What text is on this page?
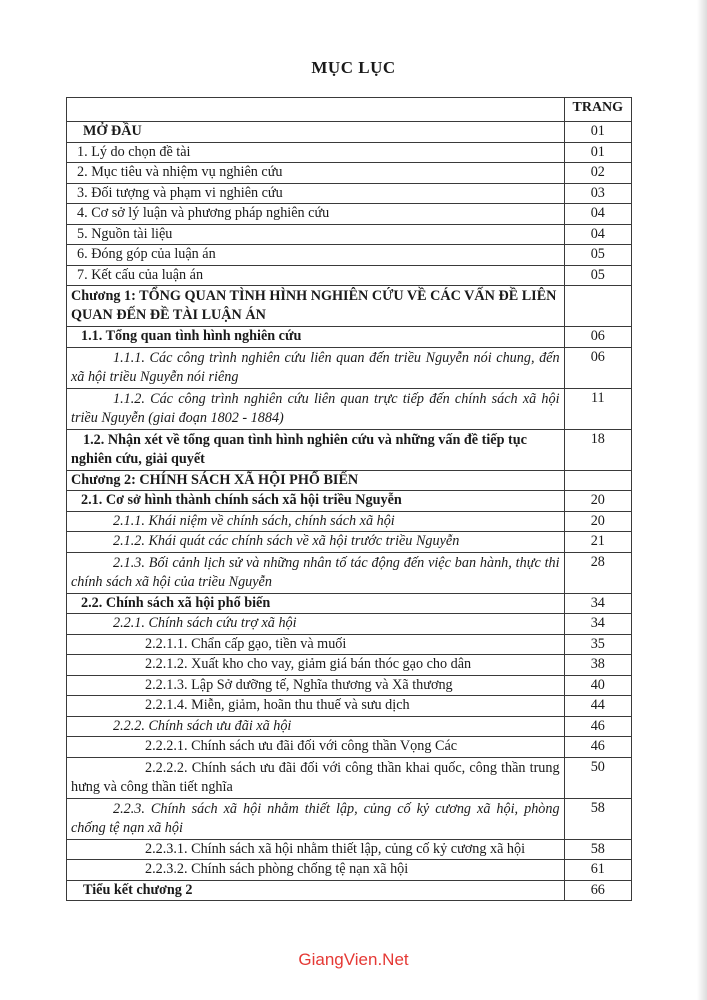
MỤC LỤC
	TRANG
MỞ ĐẦU	01
1. Lý do chọn đề tài	01
2. Mục tiêu và nhiệm vụ nghiên cứu	02
3. Đối tượng và phạm vi nghiên cứu	03
4. Cơ sở lý luận và phương pháp nghiên cứu	04
5. Nguồn tài liệu	04
6. Đóng góp của luận án	05
7. Kết cấu của luận án	05
Chương 1: TỔNG QUAN TÌNH HÌNH NGHIÊN CỨU VỀ CÁC VẤN ĐỀ LIÊN QUAN ĐẾN ĐỀ TÀI LUẬN ÁN	
1.1. Tổng quan tình hình nghiên cứu	06
1.1.1. Các công trình nghiên cứu liên quan đến triều Nguyễn nói chung, đến xã hội triều Nguyễn nói riêng	06
1.1.2. Các công trình nghiên cứu liên quan trực tiếp đến chính sách xã hội triều Nguyễn (giai đoạn 1802 - 1884)	11
1.2. Nhận xét về tổng quan tình hình nghiên cứu và những vấn đề tiếp tục nghiên cứu, giải quyết	18
Chương 2: CHÍNH SÁCH XÃ HỘI PHỔ BIẾN	
2.1. Cơ sở hình thành chính sách xã hội triều Nguyễn	20
2.1.1. Khái niệm về chính sách, chính sách xã hội	20
2.1.2. Khái quát các chính sách về xã hội trước triều Nguyễn	21
2.1.3. Bối cảnh lịch sử và những nhân tố tác động đến việc ban hành, thực thi chính sách xã hội của triều Nguyễn	28
2.2. Chính sách xã hội phổ biến	34
2.2.1. Chính sách cứu trợ xã hội	34
2.2.1.1. Chẩn cấp gạo, tiền và muối	35
2.2.1.2. Xuất kho cho vay, giảm giá bán thóc gạo cho dân	38
2.2.1.3. Lập Sở dưỡng tế, Nghĩa thương và Xã thương	40
2.2.1.4. Miễn, giảm, hoãn thu thuế và sưu dịch	44
2.2.2. Chính sách ưu đãi xã hội	46
2.2.2.1. Chính sách ưu đãi đối với công thần Vọng Các	46
2.2.2.2. Chính sách ưu đãi đối với công thần khai quốc, công thần trung hưng và công thần tiết nghĩa	50
2.2.3. Chính sách xã hội nhằm thiết lập, củng cố kỷ cương xã hội, phòng chống tệ nạn xã hội	58
2.2.3.1. Chính sách xã hội nhằm thiết lập, củng cố kỷ cương xã hội	58
2.2.3.2. Chính sách phòng chống tệ nạn xã hội	61
Tiểu kết chương 2	66
GiangVien.Net
